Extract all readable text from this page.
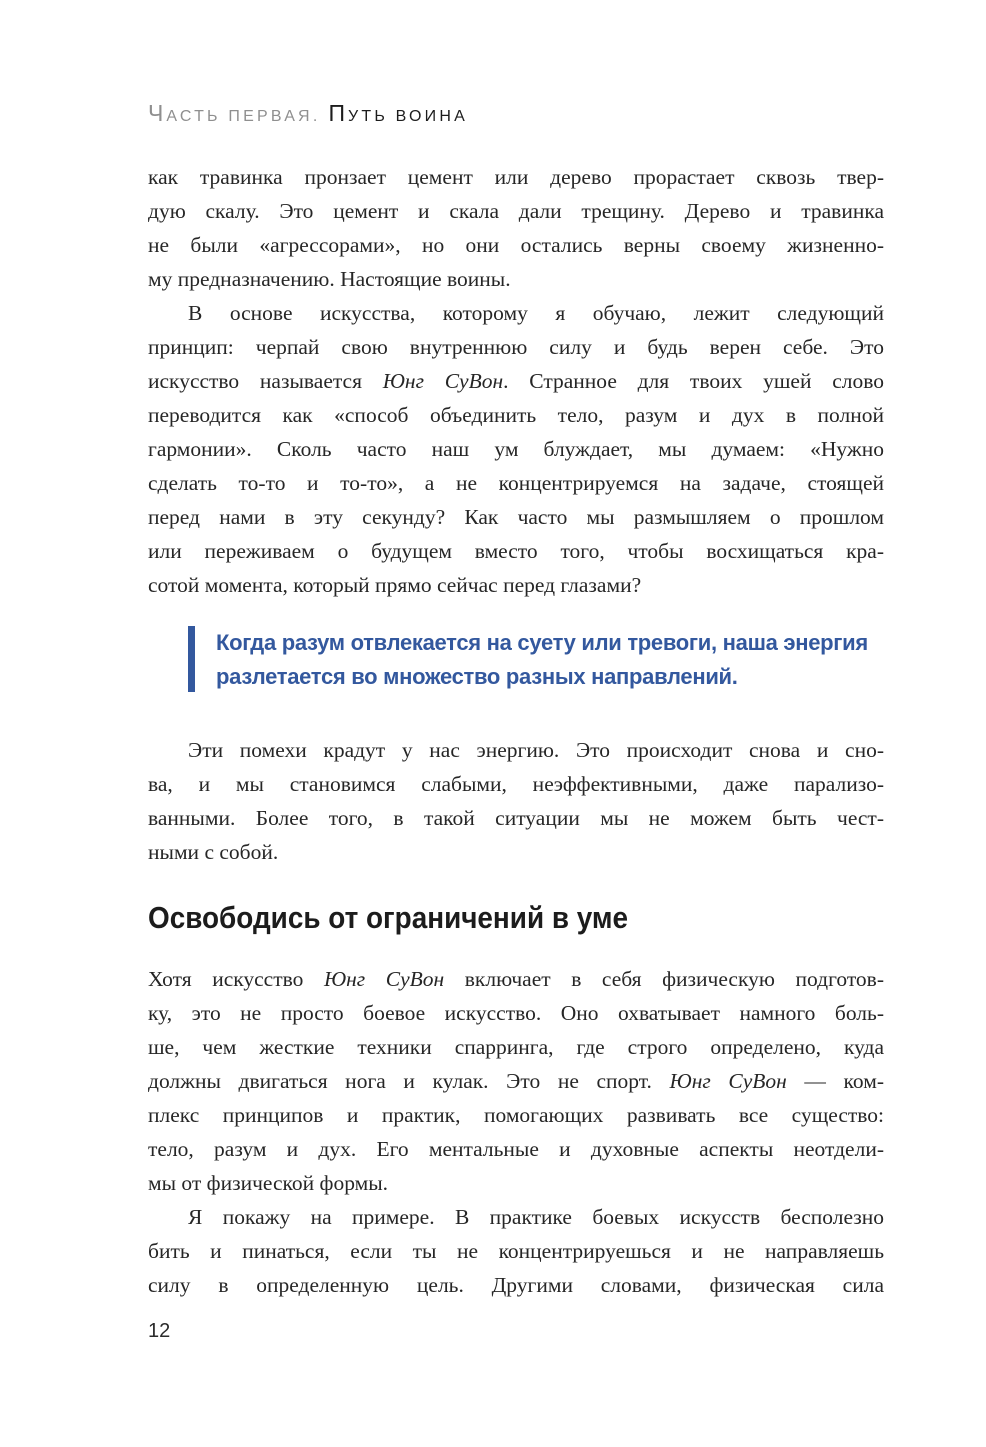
ЧАСТЬ ПЕРВАЯ. ПУТЬ ВОИНА
как травинка пронзает цемент или дерево прорастает сквозь твер-
дую скалу. Это цемент и скала дали трещину. Дерево и травинка
не были «агрессорами», но они остались верны своему жизненно-
му предназначению. Настоящие воины.
В основе искусства, которому я обучаю, лежит следующий
принцип: черпай свою внутреннюю силу и будь верен себе. Это
искусство называется Юнг СуВон. Странное для твоих ушей слово
переводится как «способ объединить тело, разум и дух в полной
гармонии». Сколь часто наш ум блуждает, мы думаем: «Нужно
сделать то-то и то-то», а не концентрируемся на задаче, стоящей
перед нами в эту секунду? Как часто мы размышляем о прошлом
или переживаем о будущем вместо того, чтобы восхищаться кра-
сотой момента, который прямо сейчас перед глазами?
Когда разум отвлекается на суету или тревоги, наша энергия
разлетается во множество разных направлений.
Эти помехи крадут у нас энергию. Это происходит снова и сно-
ва, и мы становимся слабыми, неэффективными, даже парализо-
ванными. Более того, в такой ситуации мы не можем быть чест-
ными с собой.
Освободись от ограничений в уме
Хотя искусство Юнг СуВон включает в себя физическую подготов-
ку, это не просто боевое искусство. Оно охватывает намного боль-
ше, чем жесткие техники спарринга, где строго определено, куда
должны двигаться нога и кулак. Это не спорт. Юнг СуВон — ком-
плекс принципов и практик, помогающих развивать все существо:
тело, разум и дух. Его ментальные и духовные аспекты неотдели-
мы от физической формы.
Я покажу на примере. В практике боевых искусств бесполезно
бить и пинаться, если ты не концентрируешься и не направляешь
силу в определенную цель. Другими словами, физическая сила
12
